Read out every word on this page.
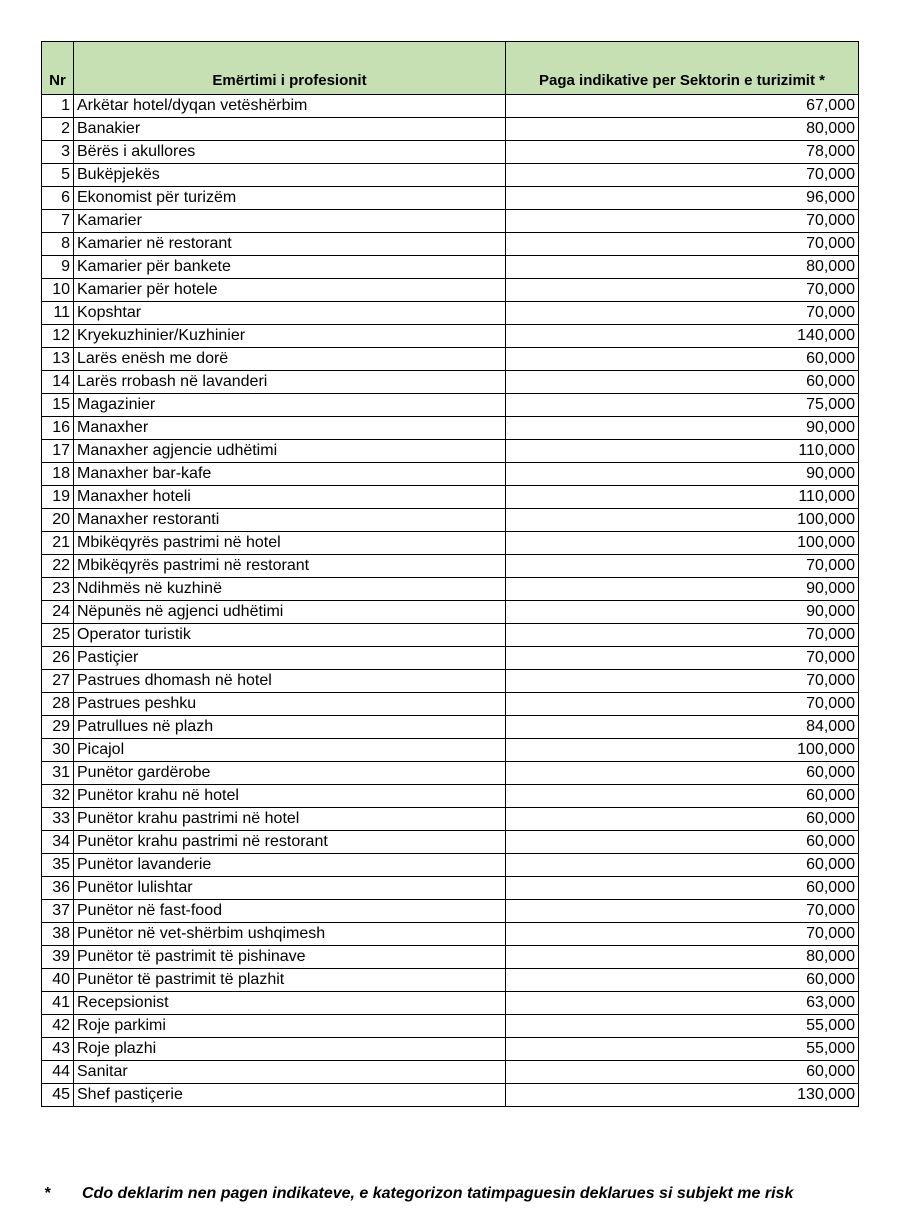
Nr	Emërtimi i profesionit	Paga indikative per Sektorin e turizimit *
1	Arkëtar hotel/dyqan vetëshërbim	67,000
2	Banakier	80,000
3	Bërës i akullores	78,000
5	Bukëpjekës	70,000
6	Ekonomist për turizëm	96,000
7	Kamarier	70,000
8	Kamarier në restorant	70,000
9	Kamarier për bankete	80,000
10	Kamarier për hotele	70,000
11	Kopshtar	70,000
12	Kryekuzhinier/Kuzhinier	140,000
13	Larës enësh me dorë	60,000
14	Larës rrobash në lavanderi	60,000
15	Magazinier	75,000
16	Manaxher	90,000
17	Manaxher agjencie udhëtimi	110,000
18	Manaxher bar-kafe	90,000
19	Manaxher hoteli	110,000
20	Manaxher restoranti	100,000
21	Mbikëqyrës pastrimi në hotel	100,000
22	Mbikëqyrës pastrimi në restorant	70,000
23	Ndihmës në kuzhinë	90,000
24	Nëpunës në agjenci udhëtimi	90,000
25	Operator turistik	70,000
26	Pastiçier	70,000
27	Pastrues dhomash në hotel	70,000
28	Pastrues peshku	70,000
29	Patrullues në plazh	84,000
30	Picajol	100,000
31	Punëtor gardërobe	60,000
32	Punëtor krahu në hotel	60,000
33	Punëtor krahu pastrimi në hotel	60,000
34	Punëtor krahu pastrimi në restorant	60,000
35	Punëtor lavanderie	60,000
36	Punëtor lulishtar	60,000
37	Punëtor në fast-food	70,000
38	Punëtor në vet-shërbim ushqimesh	70,000
39	Punëtor të pastrimit të pishinave	80,000
40	Punëtor të pastrimit të plazhit	60,000
41	Recepsionist	63,000
42	Roje parkimi	55,000
43	Roje plazhi	55,000
44	Sanitar	60,000
45	Shef pastiçerie	130,000
* Cdo deklarim nen pagen indikateve, e kategorizon tatimpaguesin deklarues si subjekt me risk
